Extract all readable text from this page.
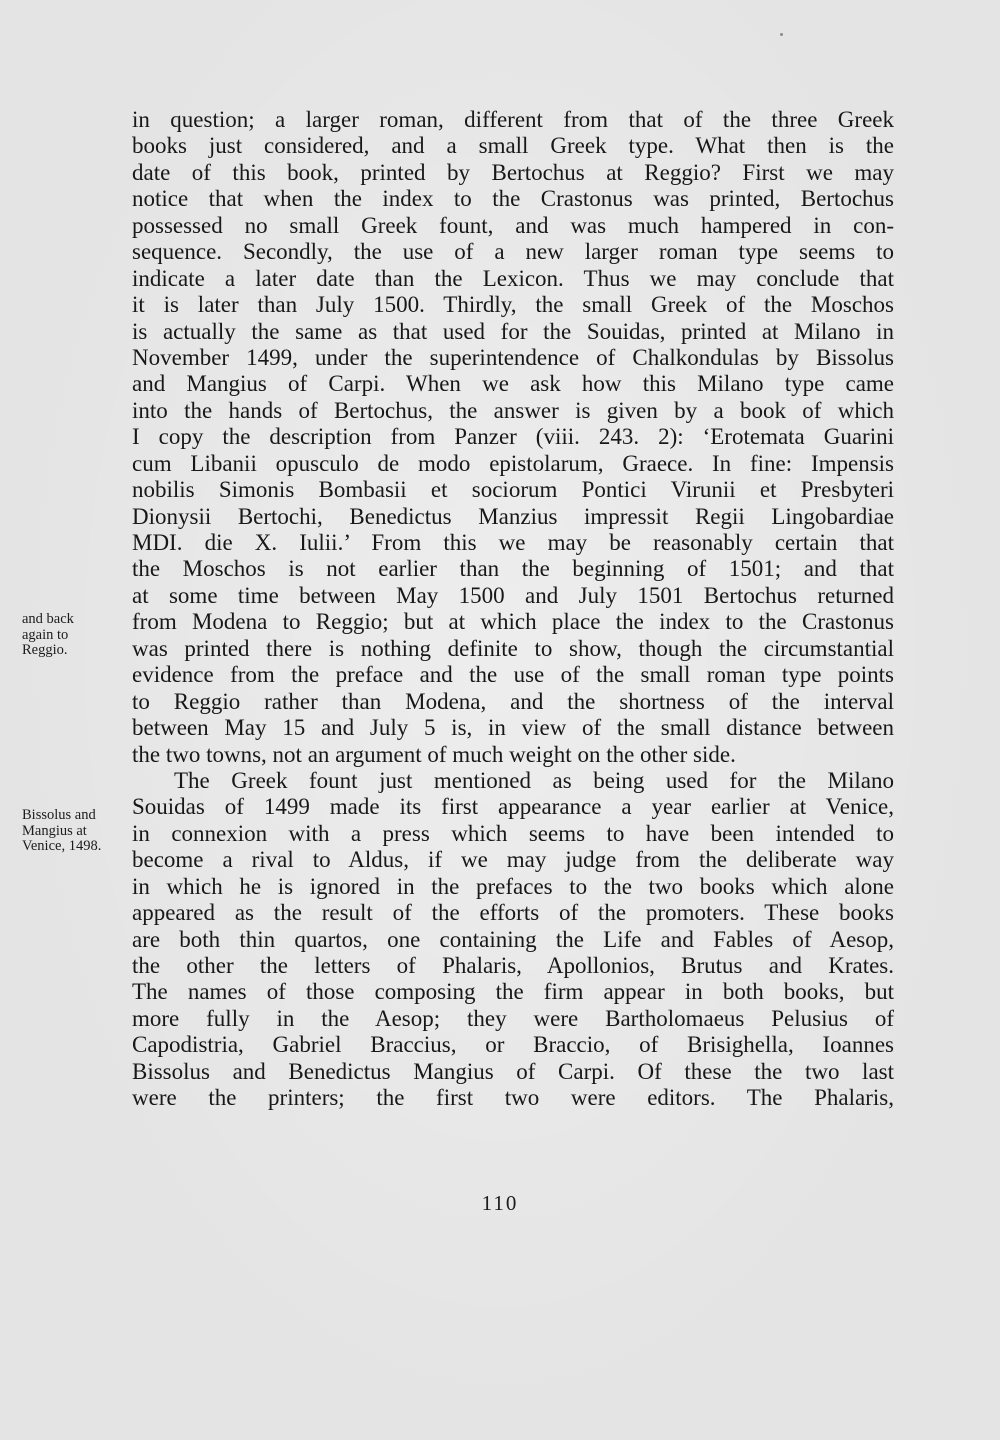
in question; a larger roman, different from that of the three Greek
books just considered, and a small Greek type. What then is the
date of this book, printed by Bertochus at Reggio? First we may
notice that when the index to the Crastonus was printed, Bertochus
possessed no small Greek fount, and was much hampered in con-
sequence. Secondly, the use of a new larger roman type seems to
indicate a later date than the Lexicon. Thus we may conclude that
it is later than July 1500. Thirdly, the small Greek of the Moschos
is actually the same as that used for the Souidas, printed at Milano in
November 1499, under the superintendence of Chalkondulas by Bissolus
and Mangius of Carpi. When we ask how this Milano type came
into the hands of Bertochus, the answer is given by a book of which
I copy the description from Panzer (viii. 243. 2): ‘Erotemata Guarini
cum Libanii opusculo de modo epistolarum, Graece. In fine: Impensis
nobilis Simonis Bombasii et sociorum Pontici Virunii et Presbyteri
Dionysii Bertochi, Benedictus Manzius impressit Regii Lingobardiae
MDI. die X. Iulii.’ From this we may be reasonably certain that
the Moschos is not earlier than the beginning of 1501; and that
at some time between May 1500 and July 1501 Bertochus returned
from Modena to Reggio; but at which place the index to the Crastonus
was printed there is nothing definite to show, though the circumstantial
evidence from the preface and the use of the small roman type points
to Reggio rather than Modena, and the shortness of the interval
between May 15 and July 5 is, in view of the small distance between
the two towns, not an argument of much weight on the other side.
The Greek fount just mentioned as being used for the Milano
Souidas of 1499 made its first appearance a year earlier at Venice,
in connexion with a press which seems to have been intended to
become a rival to Aldus, if we may judge from the deliberate way
in which he is ignored in the prefaces to the two books which alone
appeared as the result of the efforts of the promoters. These books
are both thin quartos, one containing the Life and Fables of Aesop,
the other the letters of Phalaris, Apollonios, Brutus and Krates.
The names of those composing the firm appear in both books, but
more fully in the Aesop; they were Bartholomaeus Pelusius of
Capodistria, Gabriel Braccius, or Braccio, of Brisighella, Ioannes
Bissolus and Benedictus Mangius of Carpi. Of these the two last
were the printers; the first two were editors. The Phalaris,
and back
again to
Reggio.
Bissolus and
Mangius at
Venice, 1498.
110
